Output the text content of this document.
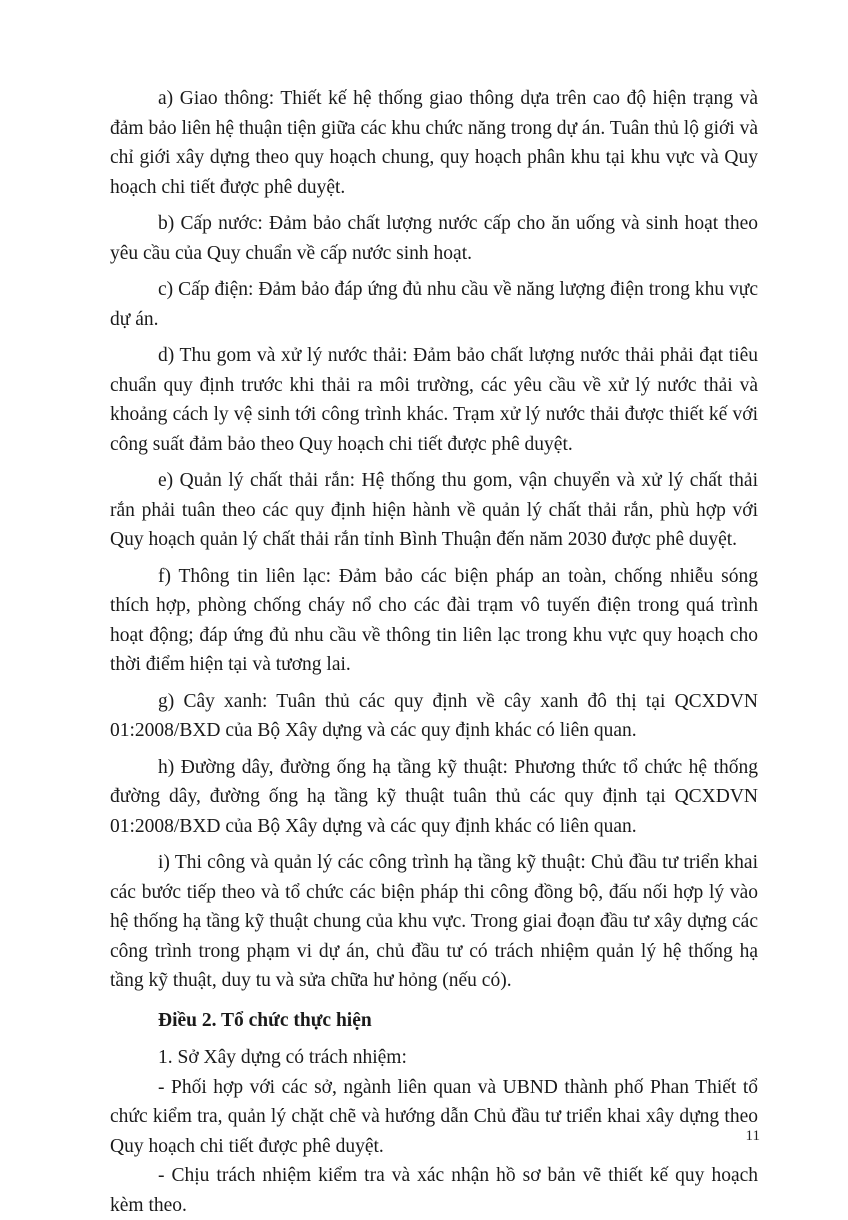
a) Giao thông: Thiết kế hệ thống giao thông dựa trên cao độ hiện trạng và đảm bảo liên hệ thuận tiện giữa các khu chức năng trong dự án. Tuân thủ lộ giới và chỉ giới xây dựng theo quy hoạch chung, quy hoạch phân khu tại khu vực và Quy hoạch chi tiết được phê duyệt.

b) Cấp nước: Đảm bảo chất lượng nước cấp cho ăn uống và sinh hoạt theo yêu cầu của Quy chuẩn về cấp nước sinh hoạt.

c) Cấp điện: Đảm bảo đáp ứng đủ nhu cầu về năng lượng điện trong khu vực dự án.

d) Thu gom và xử lý nước thải: Đảm bảo chất lượng nước thải phải đạt tiêu chuẩn quy định trước khi thải ra môi trường, các yêu cầu về xử lý nước thải và khoảng cách ly vệ sinh tới công trình khác. Trạm xử lý nước thải được thiết kế với công suất đảm bảo theo Quy hoạch chi tiết được phê duyệt.

e) Quản lý chất thải rắn: Hệ thống thu gom, vận chuyển và xử lý chất thải rắn phải tuân theo các quy định hiện hành về quản lý chất thải rắn, phù hợp với Quy hoạch quản lý chất thải rắn tỉnh Bình Thuận đến năm 2030 được phê duyệt.

f) Thông tin liên lạc: Đảm bảo các biện pháp an toàn, chống nhiễu sóng thích hợp, phòng chống cháy nổ cho các đài trạm vô tuyến điện trong quá trình hoạt động; đáp ứng đủ nhu cầu về thông tin liên lạc trong khu vực quy hoạch cho thời điểm hiện tại và tương lai.

g) Cây xanh: Tuân thủ các quy định về cây xanh đô thị tại QCXDVN 01:2008/BXD của Bộ Xây dựng và các quy định khác có liên quan.

h) Đường dây, đường ống hạ tầng kỹ thuật: Phương thức tổ chức hệ thống đường dây, đường ống hạ tầng kỹ thuật tuân thủ các quy định tại QCXDVN 01:2008/BXD của Bộ Xây dựng và các quy định khác có liên quan.

i) Thi công và quản lý các công trình hạ tầng kỹ thuật: Chủ đầu tư triển khai các bước tiếp theo và tổ chức các biện pháp thi công đồng bộ, đấu nối hợp lý vào hệ thống hạ tầng kỹ thuật chung của khu vực. Trong giai đoạn đầu tư xây dựng các công trình trong phạm vi dự án, chủ đầu tư có trách nhiệm quản lý hệ thống hạ tầng kỹ thuật, duy tu và sửa chữa hư hỏng (nếu có).

Điều 2. Tổ chức thực hiện

1. Sở Xây dựng có trách nhiệm:

- Phối hợp với các sở, ngành liên quan và UBND thành phố Phan Thiết tổ chức kiểm tra, quản lý chặt chẽ và hướng dẫn Chủ đầu tư triển khai xây dựng theo Quy hoạch chi tiết được phê duyệt.

- Chịu trách nhiệm kiểm tra và xác nhận hồ sơ bản vẽ thiết kế quy hoạch kèm theo.

11
